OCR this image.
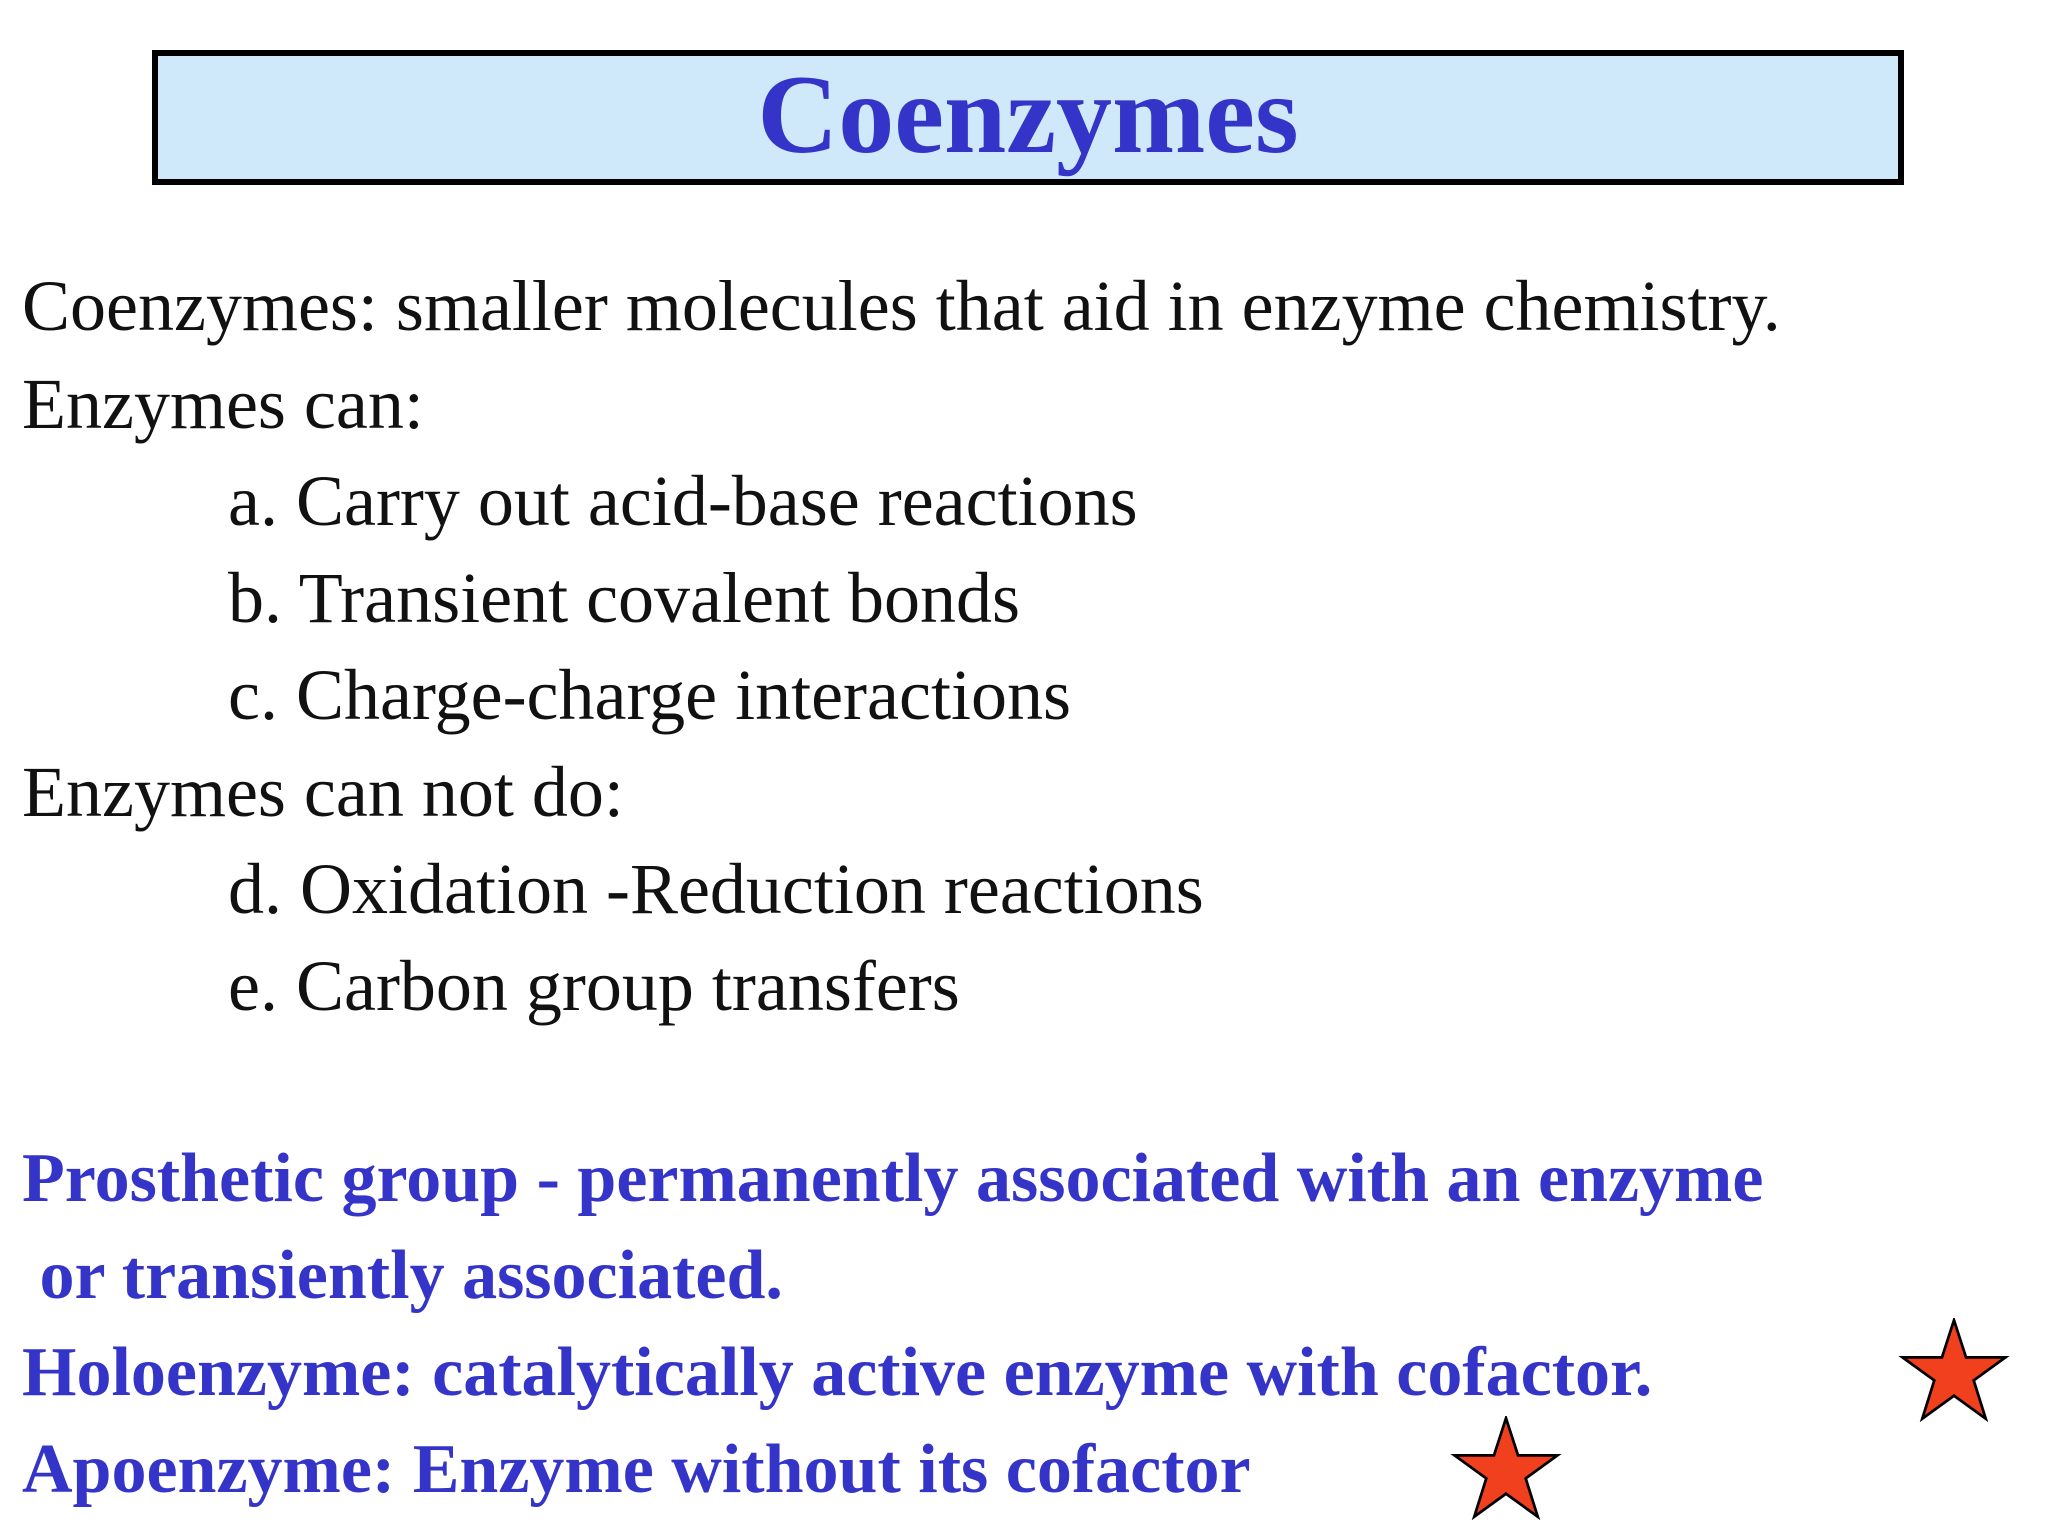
Coenzymes
Coenzymes: smaller molecules that aid in enzyme chemistry.
Enzymes can:
a. Carry out acid-base reactions
b. Transient covalent bonds
c. Charge-charge interactions
Enzymes can not do:
d. Oxidation -Reduction reactions
e. Carbon group transfers
Prosthetic group - permanently associated with an enzyme
or transiently associated.
Holoenzyme: catalytically active enzyme with cofactor.
Apoenzyme: Enzyme without its cofactor
